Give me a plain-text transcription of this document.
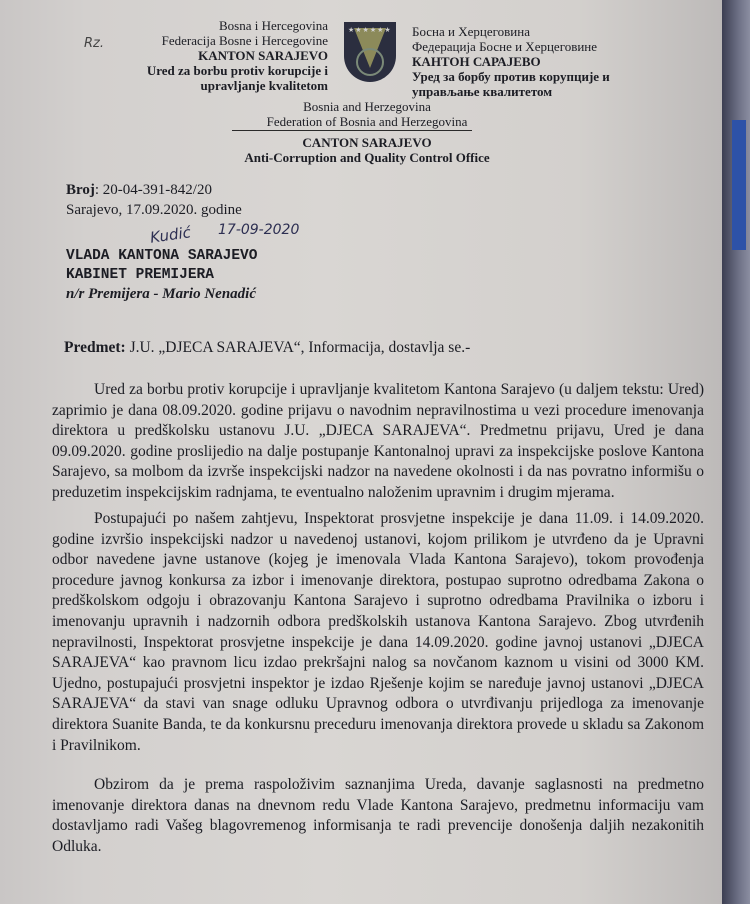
Rz.
Bosna i Hercegovina
Federacija Bosne i Hercegovine
KANTON SARAJEVO
Ured za borbu protiv korupcije i
upravljanje kvalitetom
★★★★★★ Босна и Херцеговина
Федерација Босне и Херцеговине
КАНТОН САРАЈЕВО
Уред за борбу против корупције и
управљање квалитетом
Bosnia and Herzegovina
Federation of Bosnia and Herzegovina
CANTON SARAJEVO
Anti-Corruption and Quality Control Office
Broj: 20-04-391-842/20
Sarajevo, 17.09.2020. godine
Kudić 17-09-2020
VLADA KANTONA SARAJEVO
KABINET PREMIJERA
n/r Premijera - Mario Nenadić
Predmet: J.U. „DJECA SARAJEVA“, Informacija, dostavlja se.-

Ured za borbu protiv korupcije i upravljanje kvalitetom Kantona Sarajevo (u daljem tekstu: Ured) zaprimio je dana 08.09.2020. godine prijavu o navodnim nepravilnostima u vezi procedure imenovanja direktora u predškolsku ustanovu J.U. „DJECA SARAJEVA“. Predmetnu prijavu, Ured je dana 09.09.2020. godine proslijedio na dalje postupanje Kantonalnoj upravi za inspekcijske poslove Kantona Sarajevo, sa molbom da izvrše inspekcijski nadzor na navedene okolnosti i da nas povratno informišu o preduzetim inspekcijskim radnjama, te eventualno naloženim upravnim i drugim mjerama.

Postupajući po našem zahtjevu, Inspektorat prosvjetne inspekcije je dana 11.09. i 14.09.2020. godine izvršio inspekcijski nadzor u navedenoj ustanovi, kojom prilikom je utvrđeno da je Upravni odbor navedene javne ustanove (kojeg je imenovala Vlada Kantona Sarajevo), tokom provođenja procedure javnog konkursa za izbor i imenovanje direktora, postupao suprotno odredbama Zakona o predškolskom odgoju i obrazovanju Kantona Sarajevo i suprotno odredbama Pravilnika o izboru i imenovanju upravnih i nadzornih odbora predškolskih ustanova Kantona Sarajevo. Zbog utvrđenih nepravilnosti, Inspektorat prosvjetne inspekcije je dana 14.09.2020. godine javnoj ustanovi „DJECA SARAJEVA“ kao pravnom licu izdao prekršajni nalog sa novčanom kaznom u visini od 3000 KM. Ujedno, postupajući prosvjetni inspektor je izdao Rješenje kojim se naređuje javnoj ustanovi „DJECA SARAJEVA“ da stavi van snage odluku Upravnog odbora o utvrđivanju prijedloga za imenovanje direktora Suanite Banda, te da konkursnu preceduru imenovanja direktora provede u skladu sa Zakonom i Pravilnikom.

Obzirom da je prema raspoloživim saznanjima Ureda, davanje saglasnosti na predmetno imenovanje direktora danas na dnevnom redu Vlade Kantona Sarajevo, predmetnu informaciju vam dostavljamo radi Vašeg blagovremenog informisanja te radi prevencije donošenja daljih nezakonitih Odluka.
